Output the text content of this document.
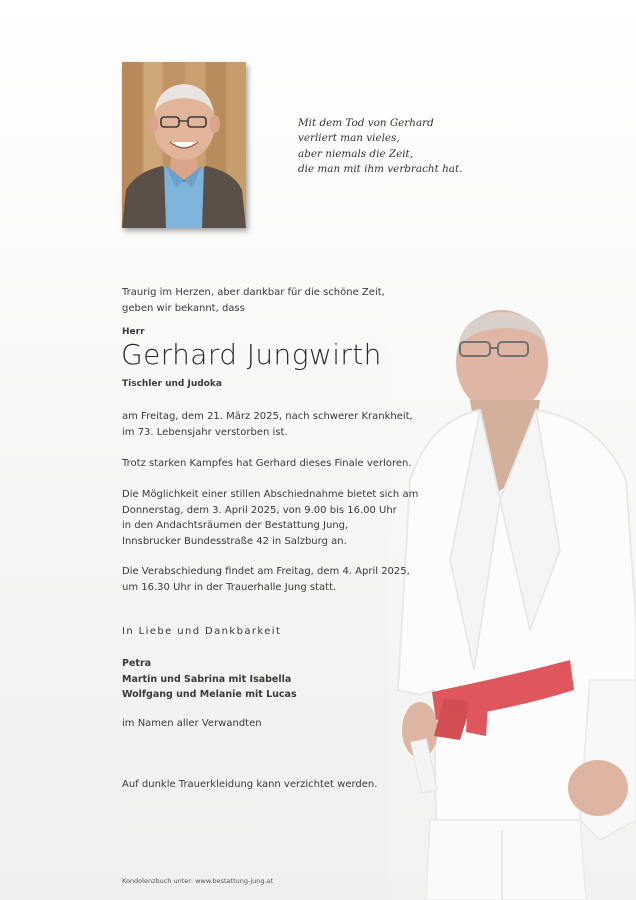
Mit dem Tod von Gerhard
verliert man vieles,
aber niemals die Zeit,
die man mit ihm verbracht hat.
Traurig im Herzen, aber dankbar für die schöne Zeit,
geben wir bekannt, dass
Herr
Gerhard Jungwirth
Tischler und Judoka
am Freitag, dem 21. März 2025, nach schwerer Krankheit,
im 73. Lebensjahr verstorben ist.
Trotz starken Kampfes hat Gerhard dieses Finale verloren.
Die Möglichkeit einer stillen Abschiednahme bietet sich am
Donnerstag, dem 3. April 2025, von 9.00 bis 16.00 Uhr
in den Andachtsräumen der Bestattung Jung,
Innsbrucker Bundesstraße 42 in Salzburg an.
Die Verabschiedung findet am Freitag, dem 4. April 2025,
um 16.30 Uhr in der Trauerhalle Jung statt.
In Liebe und Dankbarkeit
Petra
Martin und Sabrina mit Isabella
Wolfgang und Melanie mit Lucas
im Namen aller Verwandten
Auf dunkle Trauerkleidung kann verzichtet werden.
Kondolenzbuch unter: www.bestattung-jung.at
